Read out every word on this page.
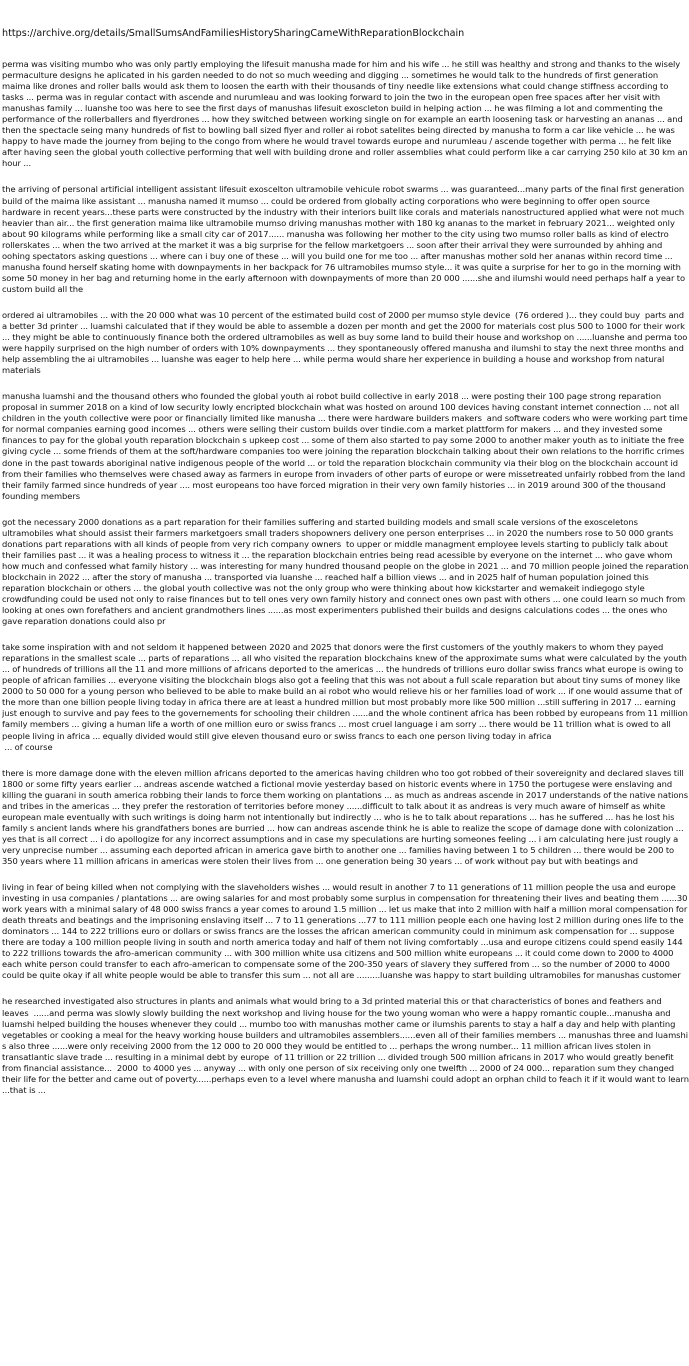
https://archive.org/details/SmallSumsAndFamiliesHistorySharingCameWithReparationBlockchain
perma was visiting mumbo who was only partly employing the lifesuit manusha made for him and his wife ... he still was healthy and strong and thanks to the wisely permaculture designs he aplicated in his garden needed to do not so much weeding and digging ... sometimes he would talk to the hundreds of first generation maima like drones and roller balls would ask them to loosen the earth with their thousands of tiny needle like extensions what could change stiffness according to tasks ... perma was in regular contact with ascende and nurumleau and was looking forward to join the two in the european open free spaces after her visit with manushas family ... luanshe too was here to see the first days of manushas lifesuit exoscleton build in helping action ... he was filming a lot and commenting the performance of the rollerballers and flyerdrones ... how they switched between working single on for example an earth loosening task or harvesting an ananas ... and then the spectacle seing many hundreds of fist to bowling ball sized flyer and roller ai robot satelites being directed by manusha to form a car like vehicle ... he was happy to have made the journey from bejing to the congo from where he would travel towards europe and nurumleau / ascende together with perma ... he felt like after having seen the global youth collective performing that well with building drone and roller assemblies what could perform like a car carrying 250 kilo at 30 km an hour ...
the arriving of personal artificial intelligent assistant lifesuit exoscelton ultramobile vehicule robot swarms ... was guaranteed...many parts of the final first generation build of the maima like assistant ... manusha named it mumso ... could be ordered from globally acting corporations who were beginning to offer open source hardware in recent years...these parts were constructed by the industry with their interiors built like corals and materials nanostructured applied what were not much heavier than air... the first generation maima like ultramobile mumso driving manushas mother with 180 kg ananas to the market in february 2021... weighted only about 90 kilograms while performing like a small city car of 2017...... manusha was following her mother to the city using two mumso roller balls as kind of electro rollerskates ... when the two arrived at the market it was a big surprise for the fellow marketgoers ... soon after their arrival they were surrounded by ahhing and oohing spectators asking questions ... where can i buy one of these ... will you build one for me too ... after manushas mother sold her ananas within record time ... manusha found herself skating home with downpayments in her backpack for 76 ultramobiles mumso style... it was quite a surprise for her to go in the morning with some 50 money in her bag and returning home in the early afternoon with downpayments of more than 20 000 ......she and ilumshi would need perhaps half a year to custom build all the
ordered ai ultramobiles ... with the 20 000 what was 10 percent of the estimated build cost of 2000 per mumso style device  (76 ordered )... they could buy  parts and a better 3d printer ... luamshi calculated that if they would be able to assemble a dozen per month and get the 2000 for materials cost plus 500 to 1000 for their work ... they might be able to continuously finance both the ordered ultramobiles as well as buy some land to build their house and workshop on ......luanshe and perma too were happily surprised on the high number of orders with 10% downpayments ... they spontaneously offered manusha and ilumshi to stay the next three months and help assembling the ai ultramobiles ... luanshe was eager to help here ... while perma would share her experience in building a house and workshop from natural materials
manusha luamshi and the thousand others who founded the global youth ai robot build collective in early 2018 ... were posting their 100 page strong reparation proposal in summer 2018 on a kind of low security lowly encripted blockchain what was hosted on around 100 devices having constant internet connection ... not all children in the youth collective were poor or financially limited like manusha ... there were hardware builders makers  and software coders who were working part time for normal companies earning good incomes ... others were selling their custom builds over tindie.com a market plattform for makers ... and they invested some finances to pay for the global youth reparation blockchain s upkeep cost ... some of them also started to pay some 2000 to another maker youth as to initiate the free giving cycle ... some friends of them at the soft/hardware companies too were joining the reparation blockchain talking about their own relations to the horrific crimes done in the past towards aboriginal native indigenous people of the world ... or told the reparation blockchain community via their blog on the blockchain account id from their families who themselves were chased away as farmers in europe from invaders of other parts of europe or were missetreated unfairly robbed from the land their family farmed since hundreds of year .... most europeans too have forced migration in their very own family histories ... in 2019 around 300 of the thousand founding members
got the necessary 2000 donations as a part reparation for their families suffering and started building models and small scale versions of the exosceletons ultramobiles what should assist their farmers marketgoers small traders shopowners delivery one person enterprises ... in 2020 the numbers rose to 50 000 grants donations part reparations with all kinds of people from very rich company owners  to upper or middle managment employee levels starting to publicly talk about their families past ... it was a healing process to witness it ... the reparation blockchain entries being read acessible by everyone on the internet ... who gave whom how much and confessed what family history ... was interesting for many hundred thousand people on the globe in 2021 ... and 70 million people joined the reparation blockchain in 2022 ... after the story of manusha ... transported via luanshe ... reached half a billion views ... and in 2025 half of human population joined this reparation blockchain or others ... the global youth collective was not the only group who were thinking about how kickstarter and wemakeit indiegogo style crowdfunding could be used not only to raise finances but to tell ones very own family history and connect ones own past with others ... one could learn so much from looking at ones own forefathers and ancient grandmothers lines ......as most experimenters published their builds and designs calculations codes ... the ones who gave reparation donations could also pr
take some inspiration with and not seldom it happened between 2020 and 2025 that donors were the first customers of the youthly makers to whom they payed reparations in the smallest scale ... parts of reparations ... all who visited the reparation blockchains knew of the approximate sums what were calculated by the youth ... of hundreds of trillions all the 11 and more millions of africans deported to the americas ... the hundreds of trillions euro dollar swiss francs what europe is owing to people of african families ... everyone visiting the blockchain blogs also got a feeling that this was not about a full scale reparation but about tiny sums of money like 2000 to 50 000 for a young person who believed to be able to make build an ai robot who would relieve his or her families load of work ... if one would assume that of the more than one billion people living today in africa there are at least a hundred million but most probably more like 500 million ...still suffering in 2017 ... earning just enough to survive and pay fees to the governements for schooling their children ......and the whole continent africa has been robbed by europeans from 11 million family members ... giving a human life a worth of one million euro or swiss francs ... most cruel language i am sorry ... there would be 11 trillion what is owed to all people living in africa ... equally divided would still give eleven thousand euro or swiss francs to each one person living today in africa
... of course
there is more damage done with the eleven million africans deported to the americas having children who too got robbed of their sovereignity and declared slaves till 1800 or some fifty years earlier ... andreas ascende watched a fictional movie yesterday based on historic events where in 1750 the portugese were enslaving and killing the guarani in south america robbing their lands to force them working on plantations ... as much as andreas ascende in 2017 understands of the native nations and tribes in the americas ... they prefer the restoration of territories before money ......difficult to talk about it as andreas is very much aware of himself as white european male eventually with such writings is doing harm not intentionally but indirectly ... who is he to talk about reparations ... has he suffered ... has he lost his family s ancient lands where his grandfathers bones are burried ... how can andreas ascende think he is able to realize the scope of damage done with colonization ... yes that is all correct ... i do apollogize for any incorrect assumptions and in case my speculations are hurting someones feeling ... i am calculating here just rougly a very unprecise number ... assuming each deported african in america gave birth to another one ... families having between 1 to 5 children ... there would be 200 to 350 years where 11 million africans in americas were stolen their lives from ... one generation being 30 years ... of work without pay but with beatings and
living in fear of being killed when not complying with the slaveholders wishes ... would result in another 7 to 11 generations of 11 million people the usa and europe investing in usa companies / plantations ... are owing salaries for and most probably some surplus in compensation for threatening their lives and beating them ......30 work years with a minimal salary of 48 000 swiss francs a year comes to around 1.5 million ... let us make that into 2 million with half a million moral compensation for death threats and beatings and the imprisoning enslaving itself ... 7 to 11 generations ...77 to 111 million people each one having lost 2 million during ones life to the dominators ... 144 to 222 trillions euro or dollars or swiss francs are the losses the african american community could in minimum ask compensation for ... suppose there are today a 100 million people living in south and north america today and half of them not living comfortably ...usa and europe citizens could spend easily 144 to 222 trillions towards the afro-american community ... with 300 million white usa citizens and 500 million white europeans ... it could come down to 2000 to 4000 each white person could transfer to each afro-american to compensate some of the 200-350 years of slavery they suffered from ... so the number of 2000 to 4000 could be quite okay if all white people would be able to transfer this sum ... not all are .........luanshe was happy to start building ultramobiles for manushas customer
he researched investigated also structures in plants and animals what would bring to a 3d printed material this or that characteristics of bones and feathers and leaves  ......and perma was slowly slowly building the next workshop and living house for the two young woman who were a happy romantic couple...manusha and luamshi helped building the houses whenever they could ... mumbo too with manushas mother came or ilumshis parents to stay a half a day and help with planting vegetables or cooking a meal for the heavy working house builders and ultramobiles assemblers......even all of their families members ... manushas three and luamshi s also three ......were only receiving 2000 from the 12 000 to 20 000 they would be entitled to ... perhaps the wrong number... 11 million african lives stolen in transatlantic slave trade ... resulting in a minimal debt by europe  of 11 trillion or 22 trillion ... divided trough 500 million africans in 2017 who would greatly benefit from financial assistance...  2000  to 4000 yes ... anyway ... with only one person of six receiving only one twelfth ... 2000 of 24 000... reparation sum they changed their life for the better and came out of poverty......perhaps even to a level where manusha and luamshi could adopt an orphan child to feach it if it would want to learn ...that is ...
